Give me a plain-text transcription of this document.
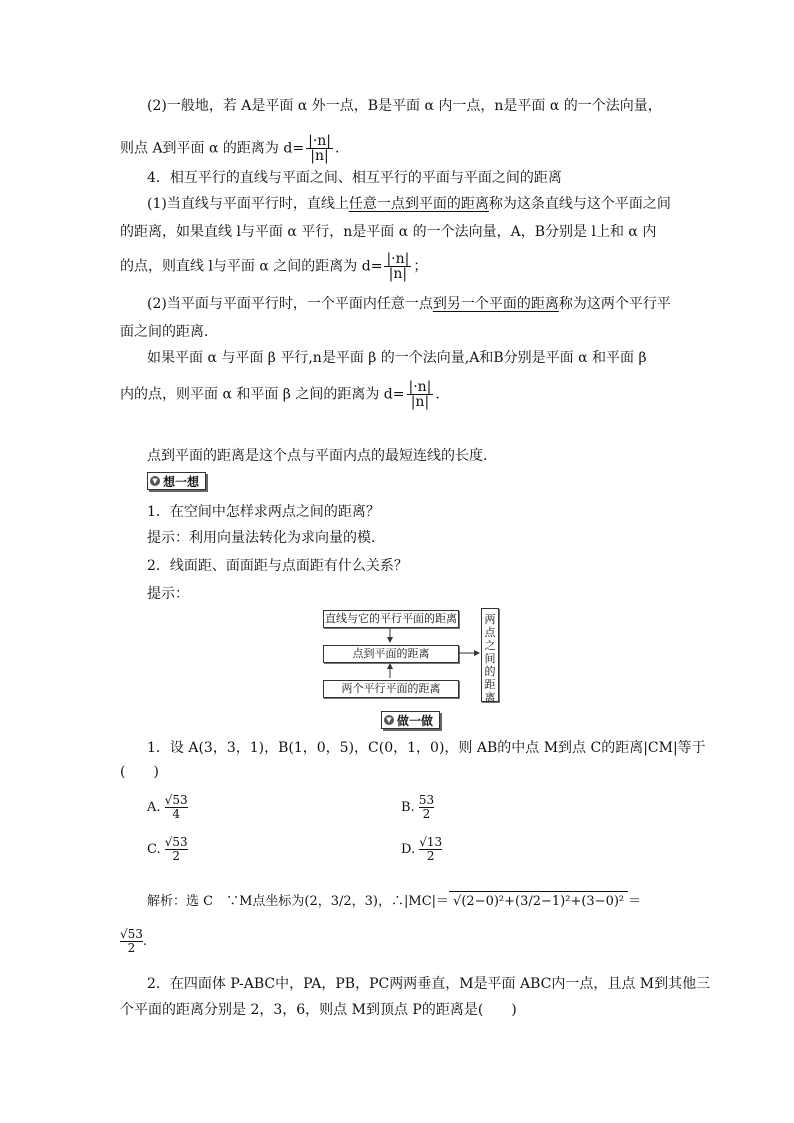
(2)一般地，若 A是平面 α 外一点，B是平面 α 内一点，n是平面 α 的一个法向量，
则点 A到平面 α 的距离为 $d= \frac{|\cdot n|}{|n|}$ .
4．相互平行的直线与平面之间、相互平行的平面与平面之间的距离
(1)当直线与平面平行时，直线上任意一点到平面的距离称为这条直线与这个平面之间
的距离，如果直线 l与平面 α 平行，n是平面 α 的一个法向量，A，B分别是 l上和 α 内
的点，则直线 l与平面 α 之间的距离为 $d= \frac{|\cdot n|}{|n|}$ ；
(2)当平面与平面平行时，一个平面内任意一点到另一个平面的距离称为这两个平行平
面之间的距离．
如果平面 α 与平面 β 平行,n是平面 β 的一个法向量,A和B分别是平面 α 和平面 β
内的点，则平面 α 和平面 β 之间的距离为 $d= \frac{|\cdot n|}{|n|}$ .
点到平面的距离是这个点与平面内点的最短连线的长度．
▼ 想一想
1．在空间中怎样求两点之间的距离？
提示：利用向量法转化为求向量的模．
2．线面距、面面距与点面距有什么关系？
提示：
直线与它的平行平面的距离
点到平面的距离
两个平行平面的距离
两点之间的距离
▼ 做一做
1．设 A(3，3，1)，B(1，0，5)，C(0，1，0)，则 AB的中点 M到点 C的距离|CM|等于
(　　)
A. $\frac{√53}{4}$	B. $\frac{53}{2}$
C. $\frac{√53}{2}$	D. $\frac{√13}{2}$
解析：选 C　∵M点坐标为(2，3/2，3)，∴|MC|＝ √(2−0)²+(3/2−1)²+(3−0)² ＝
$\frac{√53}{2}$.
2．在四面体 P-ABC中，PA，PB，PC两两垂直，M是平面 ABC内一点，且点 M到其他三
个平面的距离分别是 2，3，6，则点 M到顶点 P的距离是(　　)
